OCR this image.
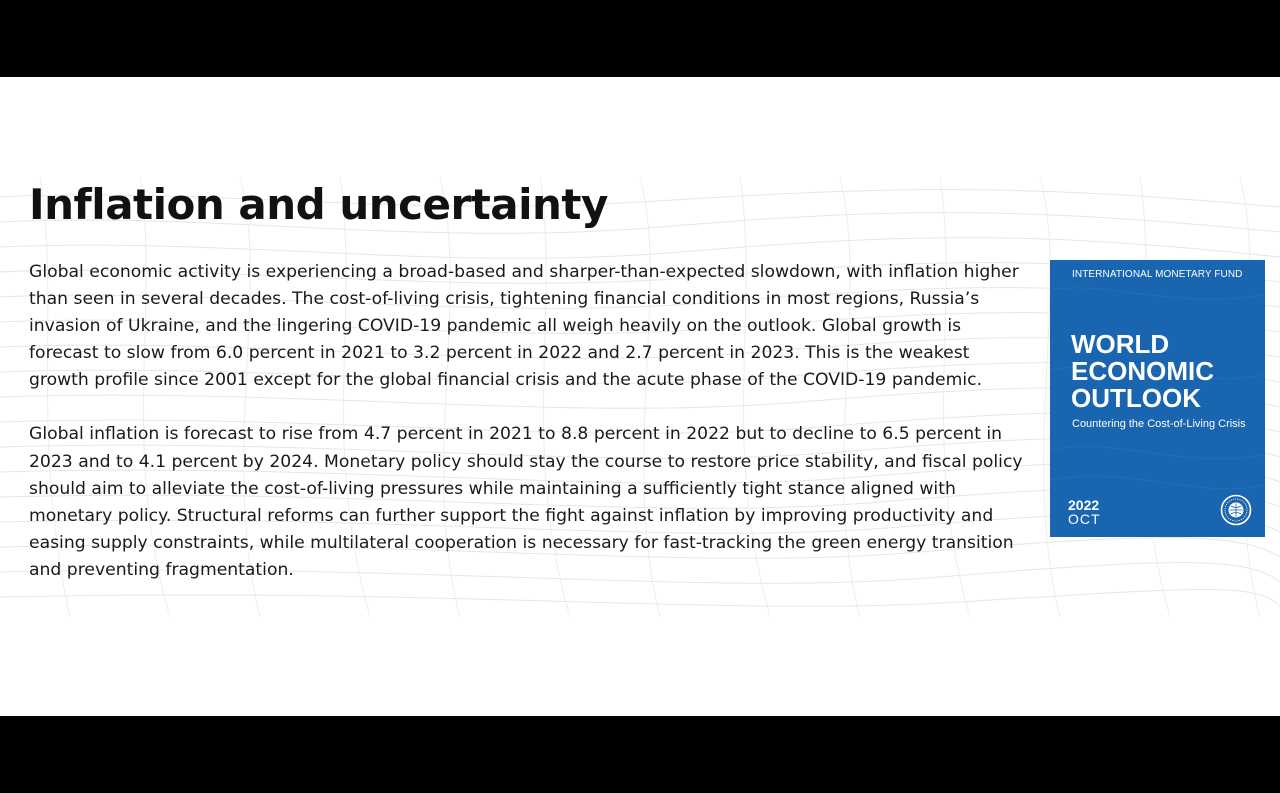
Inflation and uncertainty

Global economic activity is experiencing a broad-based and sharper-than-expected slowdown, with inflation higher than seen in several decades. The cost-of-living crisis, tightening financial conditions in most regions, Russia’s invasion of Ukraine, and the lingering COVID-19 pandemic all weigh heavily on the outlook. Global growth is forecast to slow from 6.0 percent in 2021 to 3.2 percent in 2022 and 2.7 percent in 2023. This is the weakest growth profile since 2001 except for the global financial crisis and the acute phase of the COVID-19 pandemic.

Global inflation is forecast to rise from 4.7 percent in 2021 to 8.8 percent in 2022 but to decline to 6.5 percent in 2023 and to 4.1 percent by 2024. Monetary policy should stay the course to restore price stability, and fiscal policy should aim to alleviate the cost-of-living pressures while maintaining a sufficiently tight stance aligned with monetary policy. Structural reforms can further support the fight against inflation by improving productivity and easing supply constraints, while multilateral cooperation is necessary for fast-tracking the green energy transition and preventing fragmentation.

INTERNATIONAL MONETARY FUND
WORLD
ECONOMIC
OUTLOOK
Countering the Cost-of-Living Crisis
2022
OCT
